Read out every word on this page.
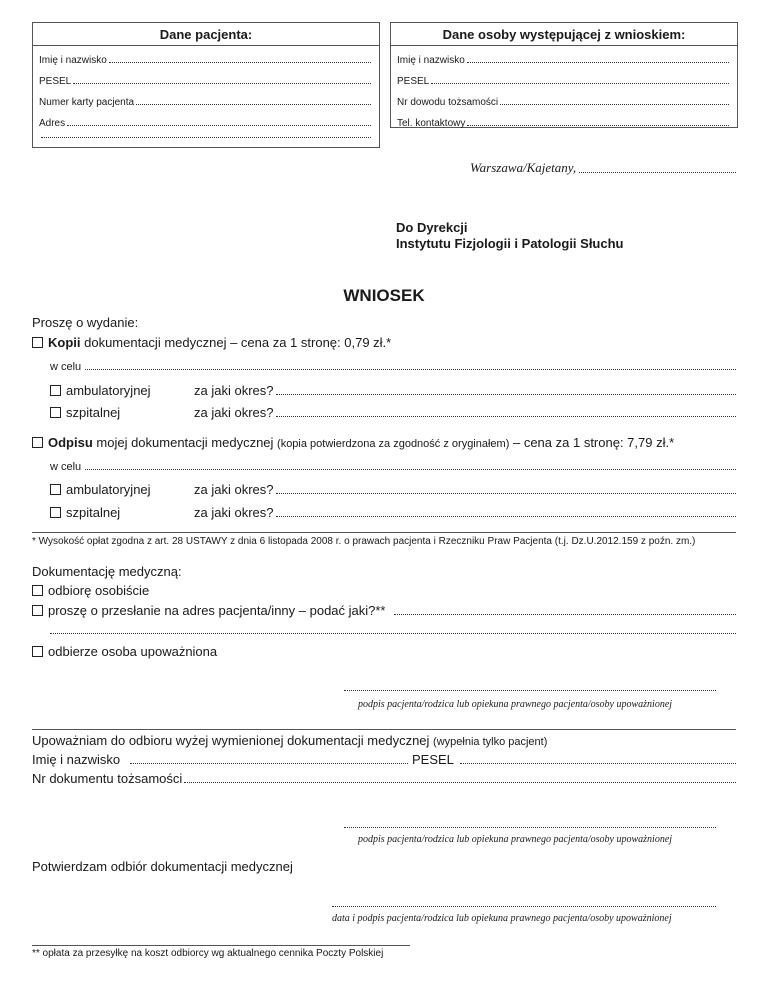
Dane pacjenta:
Imię i nazwisko
PESEL
Numer karty pacjenta
Adres
Dane osoby występującej z wnioskiem:
Imię i nazwisko
PESEL
Nr dowodu tożsamości
Tel. kontaktowy
Warszawa/Kajetany,
Do Dyrekcji
Instytutu Fizjologii i Patologii Słuchu
WNIOSEK
Proszę o wydanie:
Kopii dokumentacji medycznej – cena za 1 stronę: 0,79 zł.*
w celu
ambulatoryjnej	za jaki okres?
szpitalnej	za jaki okres?
Odpisu mojej dokumentacji medycznej (kopia potwierdzona za zgodność z oryginałem) – cena za 1 stronę: 7,79 zł.*
w celu
ambulatoryjnej	za jaki okres?
szpitalnej	za jaki okres?
* Wysokość opłat zgodna z art. 28 USTAWY z dnia 6 listopada 2008 r. o prawach pacjenta i Rzeczniku Praw Pacjenta (t.j. Dz.U.2012.159 z poźn. zm.)
Dokumentację medyczną:
odbiorę osobiście
proszę o przesłanie na adres pacjenta/inny – podać jaki?**
odbierze osoba upoważniona
podpis pacjenta/rodzica lub opiekuna prawnego pacjenta/osoby upoważnionej
Upoważniam do odbioru wyżej wymienionej dokumentacji medycznej (wypełnia tylko pacjent)
Imię i nazwisko	PESEL
Nr dokumentu tożsamości
podpis pacjenta/rodzica lub opiekuna prawnego pacjenta/osoby upoważnionej
Potwierdzam odbiór dokumentacji medycznej
data i podpis pacjenta/rodzica lub opiekuna prawnego pacjenta/osoby upoważnionej
** opłata za przesyłkę na koszt odbiorcy wg aktualnego cennika Poczty Polskiej
